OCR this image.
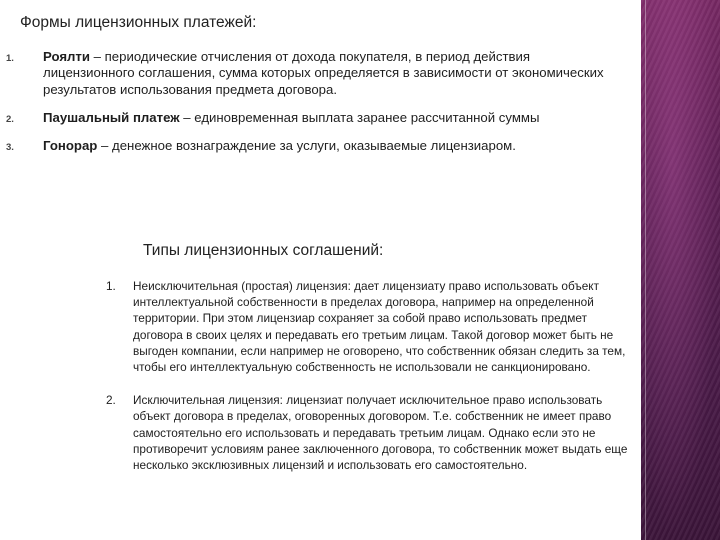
Формы лицензионных платежей:
1. Роялти – периодические отчисления от дохода покупателя, в период действия лицензионного соглашения, сумма которых определяется в зависимости от экономических результатов использования предмета договора.
2. Паушальный платеж – единовременная выплата заранее рассчитанной суммы
3. Гонорар – денежное вознаграждение за услуги, оказываемые лицензиаром.
Типы лицензионных соглашений:
1. Неисключительная (простая) лицензия: дает лицензиату право использовать объект интеллектуальной собственности в пределах договора, например на определенной территории. При этом лицензиар сохраняет за собой право использовать предмет договора в своих целях и передавать его третьим лицам. Такой договор может быть не выгоден компании, если например не оговорено, что собственник обязан следить за тем, чтобы его интеллектуальную собственность не использовали не санкционировано.
2. Исключительная лицензия: лицензиат получает исключительное право использовать объект договора в пределах, оговоренных договором. Т.е. собственник не имеет право самостоятельно его использовать и передавать третьим лицам. Однако если это не противоречит условиям ранее заключенного договора, то собственник может выдать еще несколько эксклюзивных лицензий и использовать его самостоятельно.
